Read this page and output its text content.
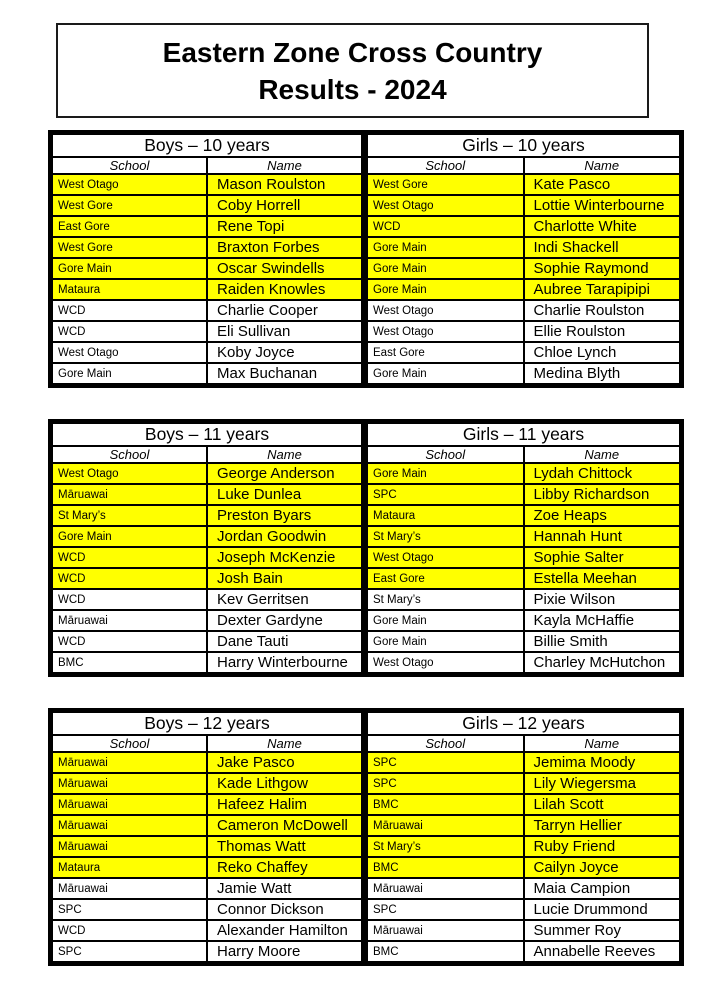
Eastern Zone Cross Country
Results - 2024
Boys – 10 years	
School	Name
West Otago	Mason Roulston
West Gore	Coby Horrell
East Gore	Rene Topi
West Gore	Braxton Forbes
Gore Main	Oscar Swindells
Mataura	Raiden Knowles
WCD	Charlie Cooper
WCD	Eli Sullivan
West Otago	Koby Joyce
Gore Main	Max Buchanan
Girls – 10 years	
School	Name
West Gore	Kate Pasco
West Otago	Lottie Winterbourne
WCD	Charlotte White
Gore Main	Indi Shackell
Gore Main	Sophie Raymond
Gore Main	Aubree Tarapipipi
West Otago	Charlie Roulston
West Otago	Ellie Roulston
East Gore	Chloe Lynch
Gore Main	Medina Blyth
Boys – 11 years	
School	Name
West Otago	George Anderson
Māruawai	Luke Dunlea
St Mary’s	Preston Byars
Gore Main	Jordan Goodwin
WCD	Joseph McKenzie
WCD	Josh Bain
WCD	Kev Gerritsen
Māruawai	Dexter Gardyne
WCD	Dane Tauti
BMC	Harry Winterbourne
Girls – 11 years	
School	Name
Gore Main	Lydah Chittock
SPC	Libby Richardson
Mataura	Zoe Heaps
St Mary’s	Hannah Hunt
West Otago	Sophie Salter
East Gore	Estella Meehan
St Mary’s	Pixie Wilson
Gore Main	Kayla McHaffie
Gore Main	Billie Smith
West Otago	Charley McHutchon
Boys – 12 years	
School	Name
Māruawai	Jake Pasco
Māruawai	Kade Lithgow
Māruawai	Hafeez Halim
Māruawai	Cameron McDowell
Māruawai	Thomas Watt
Mataura	Reko Chaffey
Māruawai	Jamie Watt
SPC	Connor Dickson
WCD	Alexander Hamilton
SPC	Harry Moore
Girls – 12 years	
School	Name
SPC	Jemima Moody
SPC	Lily Wiegersma
BMC	Lilah Scott
Māruawai	Tarryn Hellier
St Mary’s	Ruby Friend
BMC	Cailyn Joyce
Māruawai	Maia Campion
SPC	Lucie Drummond
Māruawai	Summer Roy
BMC	Annabelle Reeves
